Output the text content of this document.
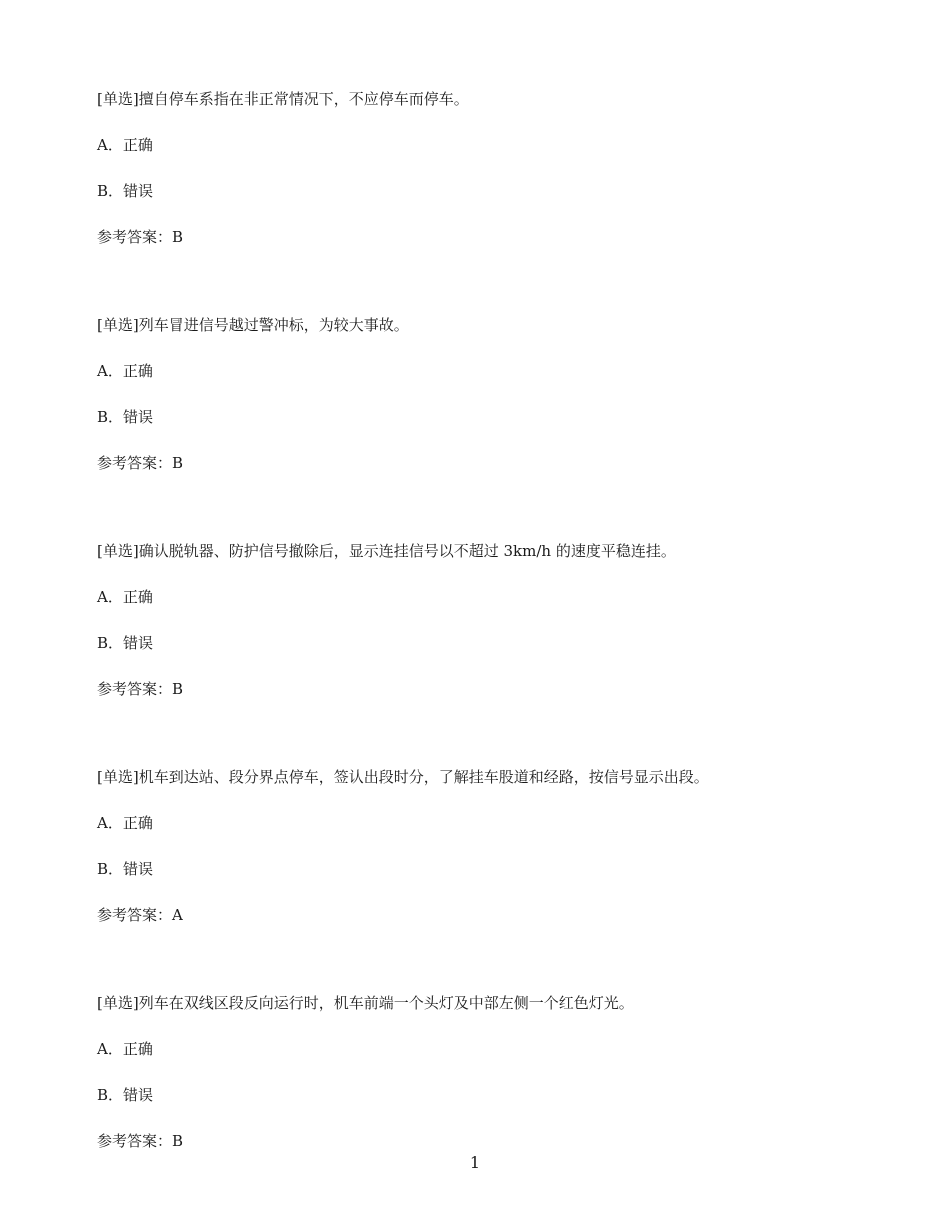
[单选]擅自停车系指在非正常情况下，不应停车而停车。
A．正确
B．错误
参考答案：B
[单选]列车冒进信号越过警冲标，为较大事故。
A．正确
B．错误
参考答案：B
[单选]确认脱轨器、防护信号撤除后，显示连挂信号以不超过 3km/h 的速度平稳连挂。
A．正确
B．错误
参考答案：B
[单选]机车到达站、段分界点停车，签认出段时分，了解挂车股道和经路，按信号显示出段。
A．正确
B．错误
参考答案：A
[单选]列车在双线区段反向运行时，机车前端一个头灯及中部左侧一个红色灯光。
A．正确
B．错误
参考答案：B
1
